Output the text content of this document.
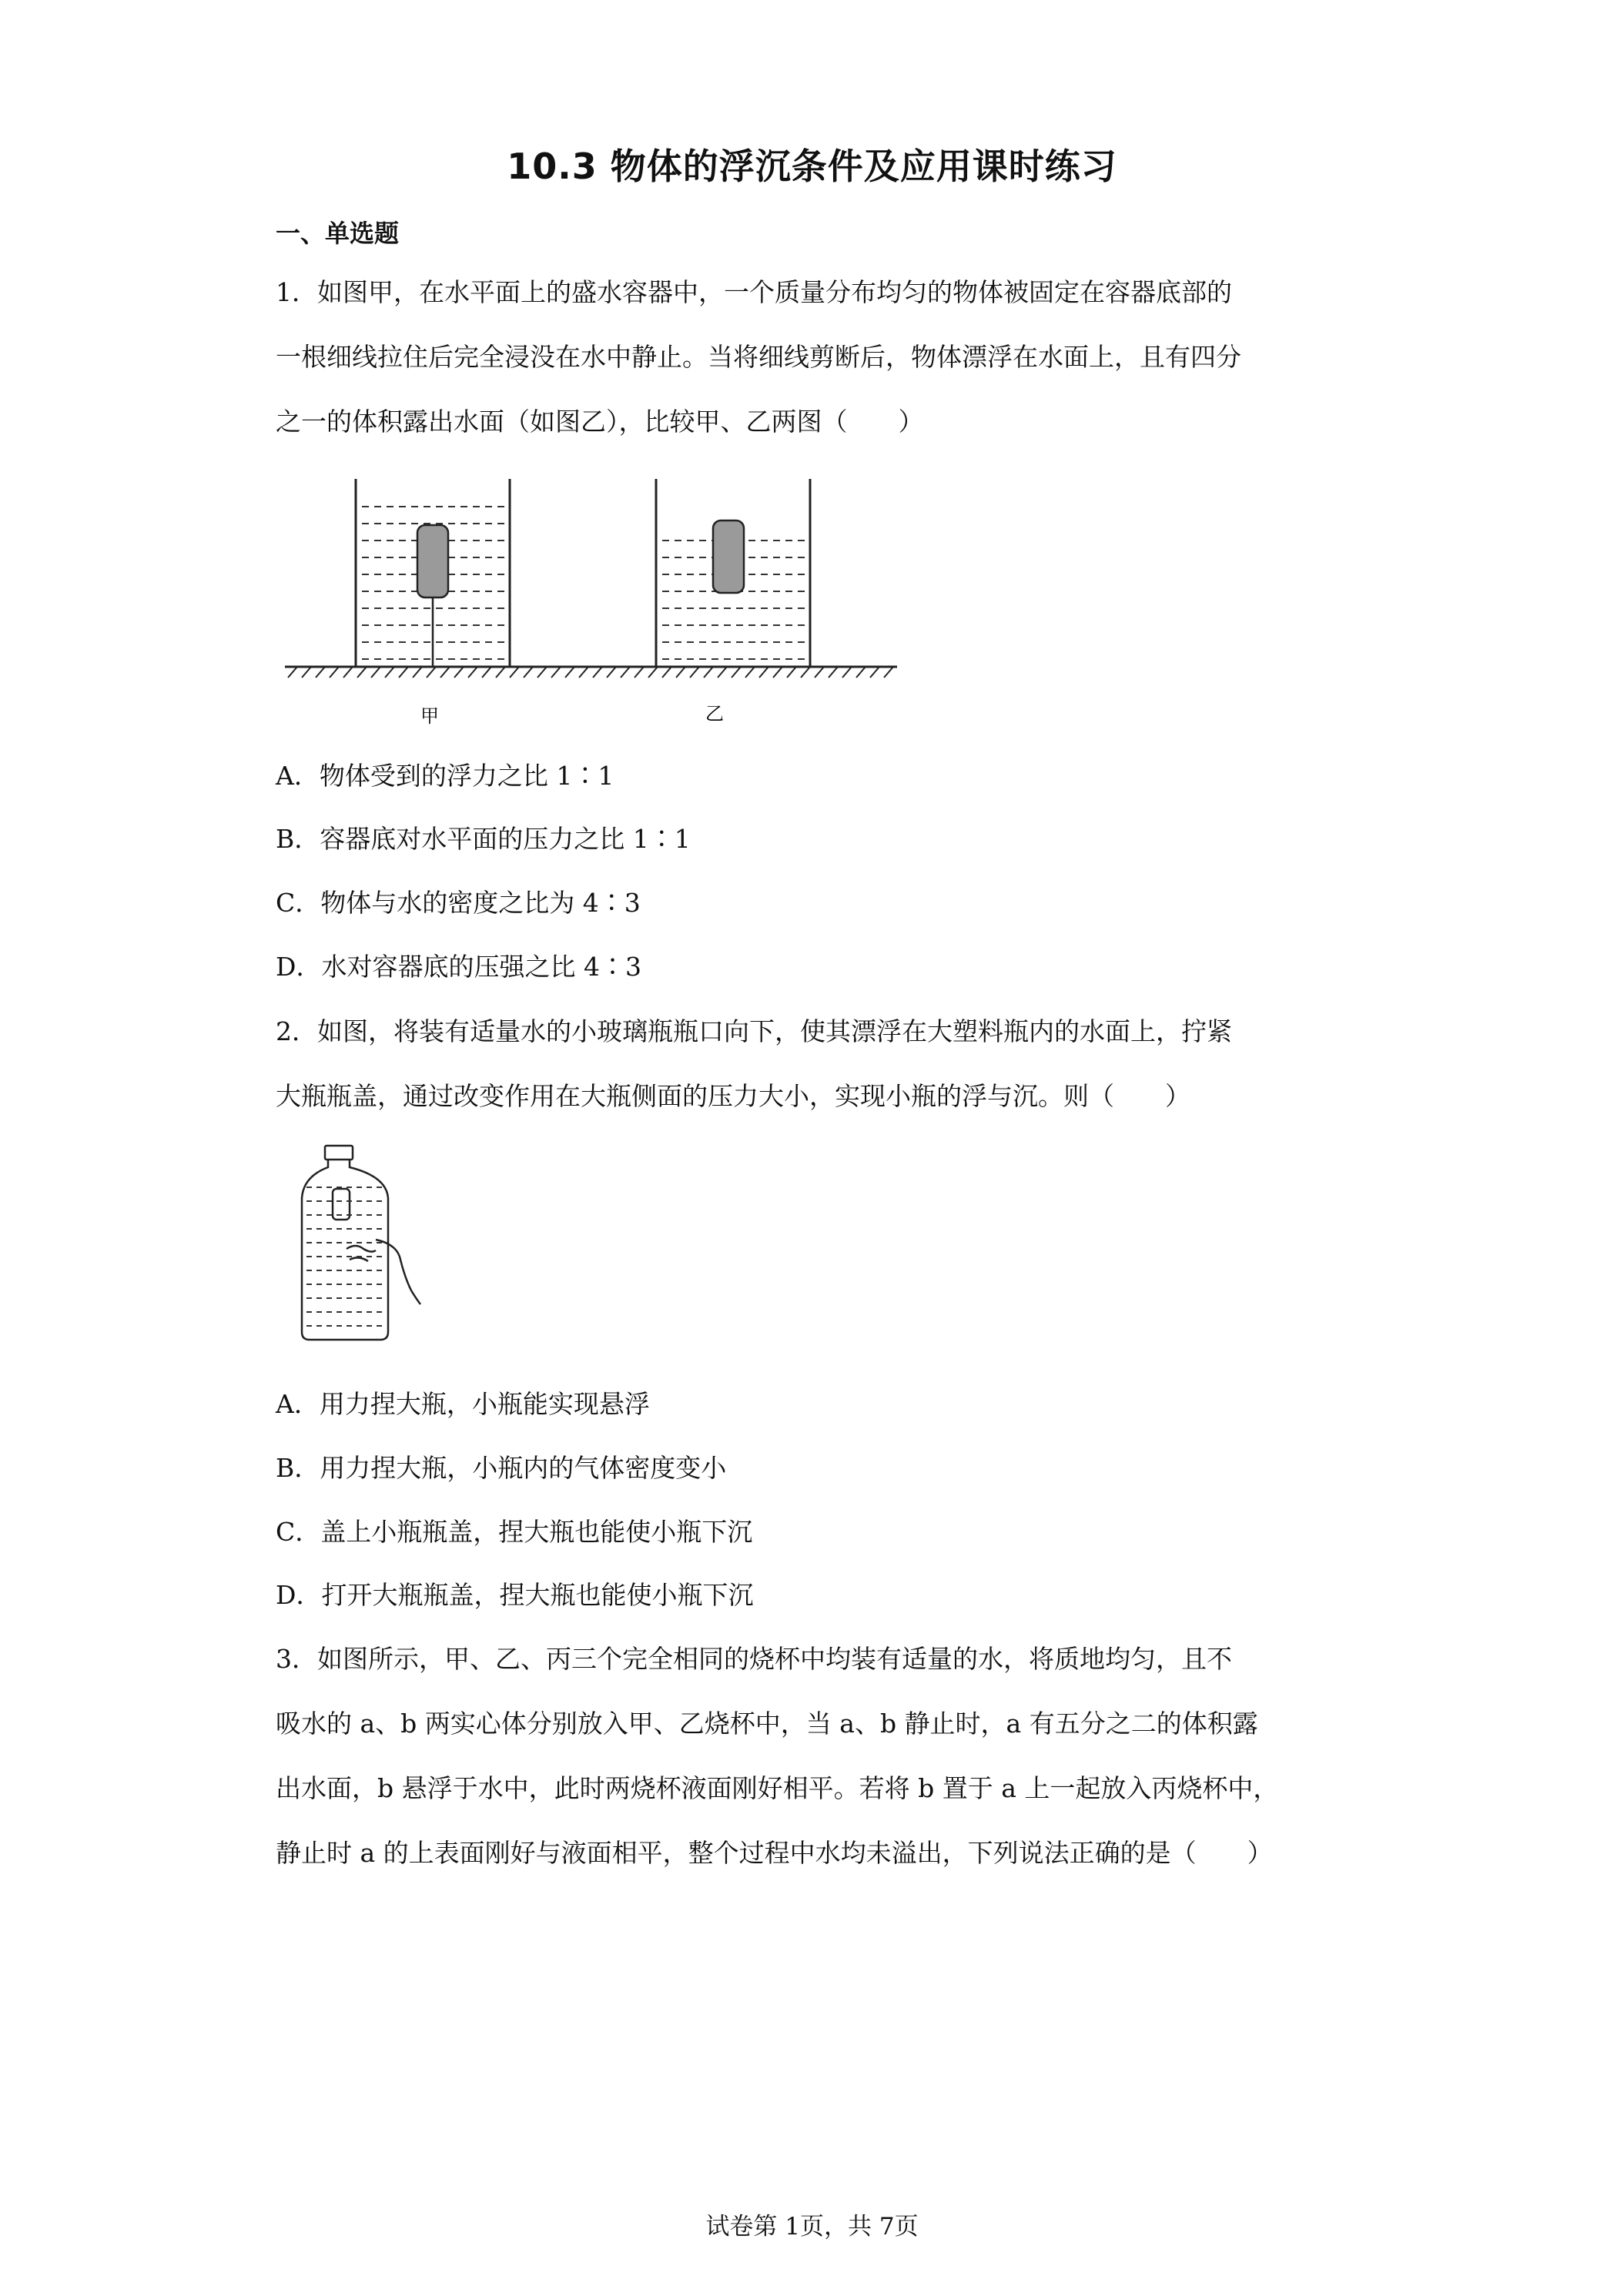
10.3 物体的浮沉条件及应用课时练习
一、单选题
1．如图甲，在水平面上的盛水容器中，一个质量分布均匀的物体被固定在容器底部的
一根细线拉住后完全浸没在水中静止。当将细线剪断后，物体漂浮在水面上，且有四分
之一的体积露出水面（如图乙），比较甲、乙两图（　　）
甲	乙
A．物体受到的浮力之比 1∶1
B．容器底对水平面的压力之比 1∶1
C．物体与水的密度之比为 4∶3
D．水对容器底的压强之比 4∶3
2．如图，将装有适量水的小玻璃瓶瓶口向下，使其漂浮在大塑料瓶内的水面上，拧紧
大瓶瓶盖，通过改变作用在大瓶侧面的压力大小，实现小瓶的浮与沉。则（　　）
A．用力捏大瓶，小瓶能实现悬浮
B．用力捏大瓶，小瓶内的气体密度变小
C．盖上小瓶瓶盖，捏大瓶也能使小瓶下沉
D．打开大瓶瓶盖，捏大瓶也能使小瓶下沉
3．如图所示，甲、乙、丙三个完全相同的烧杯中均装有适量的水，将质地均匀，且不
吸水的 a、b 两实心体分别放入甲、乙烧杯中，当 a、b 静止时，a 有五分之二的体积露
出水面，b 悬浮于水中，此时两烧杯液面刚好相平。若将 b 置于 a 上一起放入丙烧杯中，
静止时 a 的上表面刚好与液面相平，整个过程中水均未溢出，下列说法正确的是（　　）
试卷第 1页，共 7页
